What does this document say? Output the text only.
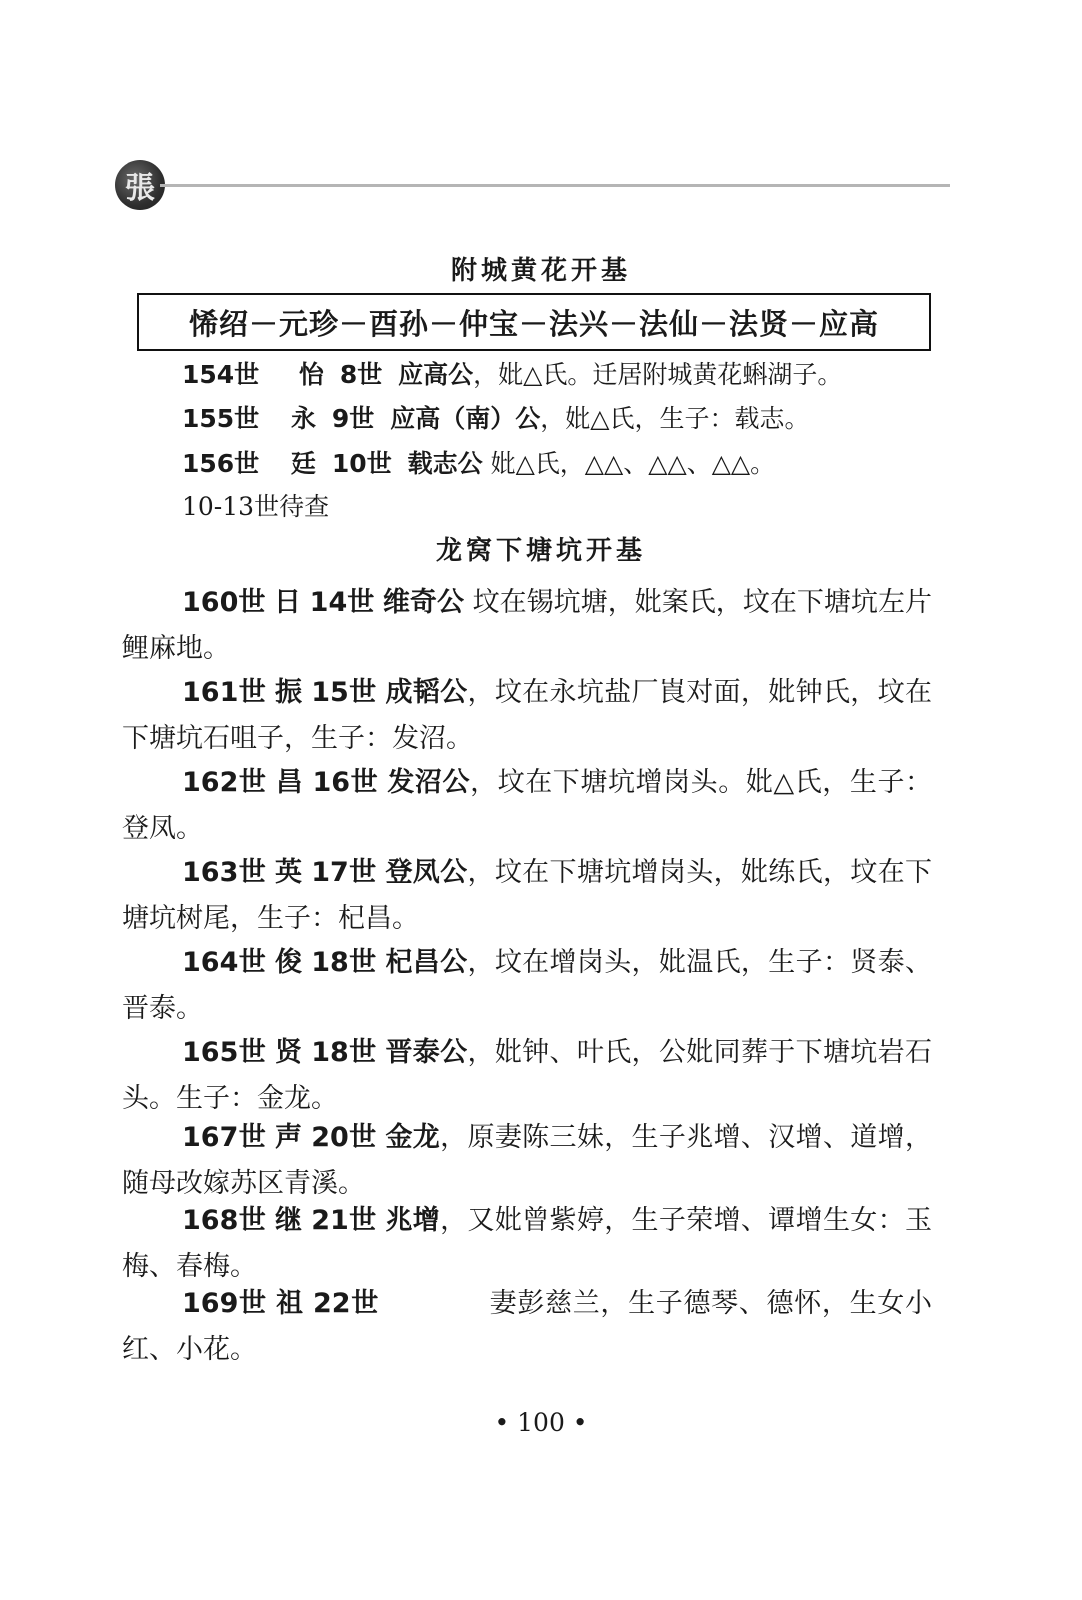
張
附城黄花开基
悕绍－元珍－酉孙－仲宝－法兴－法仙－法贤－应高
154世 怡 8世 应高公，妣△氏。迁居附城黄花蝌湖子。
155世 永 9世 应高（南）公，妣△氏，生子：载志。
156世 廷 10世 载志公 妣△氏，△△、△△、△△。
10-13世待查
龙窝下塘坑开基
160世 日 14世 维奇公 坟在锡坑塘，妣案氏，坟在下塘坑左片鲤麻地。
161世 振 15世 成韬公，坟在永坑盐厂崀对面，妣钟氏，坟在下塘坑石咀子，生子：发沼。
162世 昌 16世 发沼公，坟在下塘坑增岗头。妣△氏，生子：登凤。
163世 英 17世 登凤公，坟在下塘坑增岗头，妣练氏，坟在下塘坑树尾，生子：杞昌。
164世 俊 18世 杞昌公，坟在增岗头，妣温氏，生子：贤泰、晋泰。
165世 贤 18世 晋泰公，妣钟、叶氏，公妣同葬于下塘坑岩石头。生子：金龙。
167世 声 20世 金龙，原妻陈三妹，生子兆增、汉增、道增，随母改嫁苏区青溪。
168世 继 21世 兆增，又妣曾紫婷，生子荣增、谭增生女：玉梅、春梅。
169世 祖 22世　　　　妻彭慈兰，生子德琴、德怀，生女小红、小花。
• 100 •
